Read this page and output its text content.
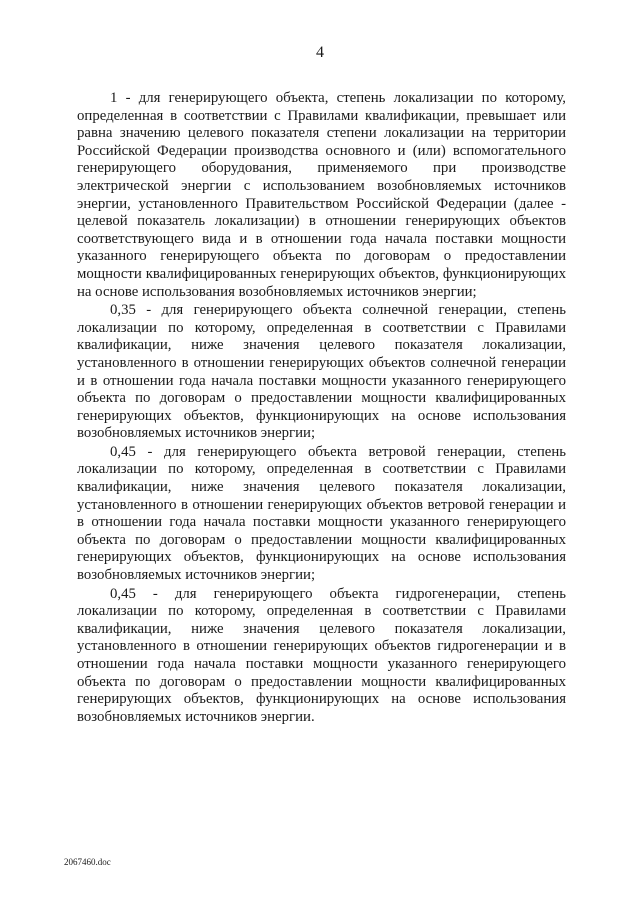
4

1 - для генерирующего объекта, степень локализации по которому, определенная в соответствии с Правилами квалификации, превышает или равна значению целевого показателя степени локализации на территории Российской Федерации производства основного и (или) вспомогательного генерирующего оборудования, применяемого при производстве электрической энергии с использованием возобновляемых источников энергии, установленного Правительством Российской Федерации (далее - целевой показатель локализации) в отношении генерирующих объектов соответствующего вида и в отношении года начала поставки мощности указанного генерирующего объекта по договорам о предоставлении мощности квалифицированных генерирующих объектов, функционирующих на основе использования возобновляемых источников энергии;

0,35 - для генерирующего объекта солнечной генерации, степень локализации по которому, определенная в соответствии с Правилами квалификации, ниже значения целевого показателя локализации, установленного в отношении генерирующих объектов солнечной генерации и в отношении года начала поставки мощности указанного генерирующего объекта по договорам о предоставлении мощности квалифицированных генерирующих объектов, функционирующих на основе использования возобновляемых источников энергии;

0,45 - для генерирующего объекта ветровой генерации, степень локализации по которому, определенная в соответствии с Правилами квалификации, ниже значения целевого показателя локализации, установленного в отношении генерирующих объектов ветровой генерации и в отношении года начала поставки мощности указанного генерирующего объекта по договорам о предоставлении мощности квалифицированных генерирующих объектов, функционирующих на основе использования возобновляемых источников энергии;

0,45 - для генерирующего объекта гидрогенерации, степень локализации по которому, определенная в соответствии с Правилами квалификации, ниже значения целевого показателя локализации, установленного в отношении генерирующих объектов гидрогенерации и в отношении года начала поставки мощности указанного генерирующего объекта по договорам о предоставлении мощности квалифицированных генерирующих объектов, функционирующих на основе использования возобновляемых источников энергии.

2067460.doc
